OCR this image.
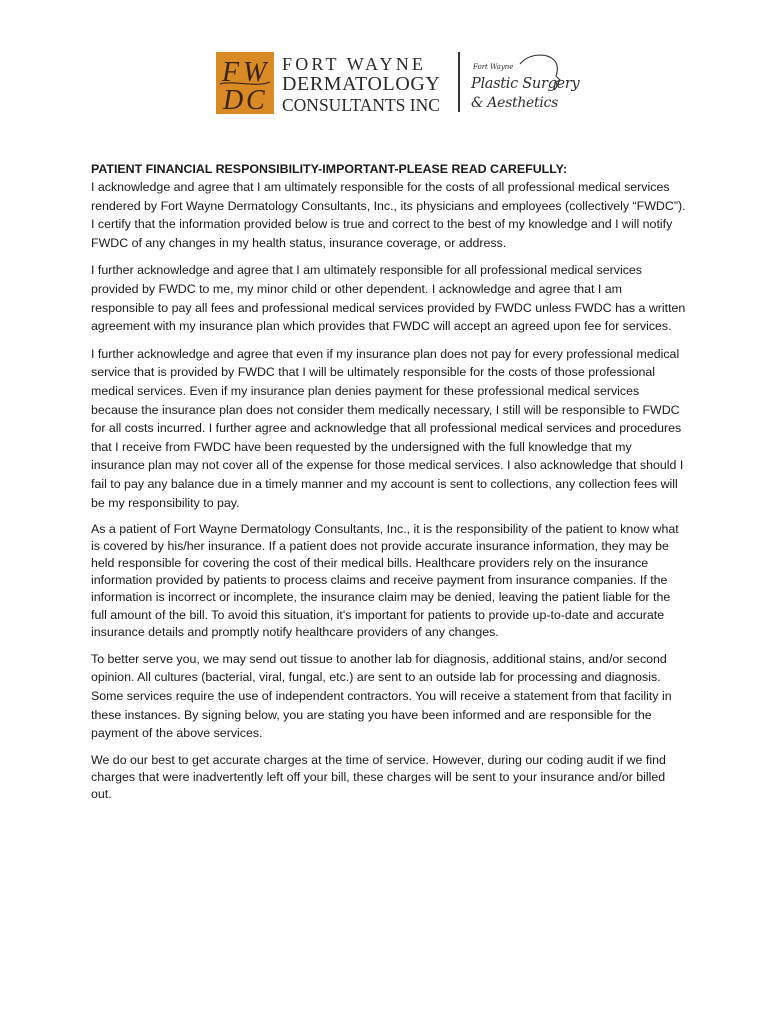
F W
D C
FORT WAYNE
DERMATOLOGY
CONSULTANTS INC
Fort Wayne
Plastic Surgery
& Aesthetics
PATIENT FINANCIAL RESPONSIBILITY-IMPORTANT-PLEASE READ CAREFULLY:

I acknowledge and agree that I am ultimately responsible for the costs of all professional medical services rendered by Fort Wayne Dermatology Consultants, Inc., its physicians and employees (collectively “FWDC”). I certify that the information provided below is true and correct to the best of my knowledge and I will notify FWDC of any changes in my health status, insurance coverage, or address.

I further acknowledge and agree that I am ultimately responsible for all professional medical services provided by FWDC to me, my minor child or other dependent. I acknowledge and agree that I am responsible to pay all fees and professional medical services provided by FWDC unless FWDC has a written agreement with my insurance plan which provides that FWDC will accept an agreed upon fee for services.

I further acknowledge and agree that even if my insurance plan does not pay for every professional medical service that is provided by FWDC that I will be ultimately responsible for the costs of those professional medical services. Even if my insurance plan denies payment for these professional medical services because the insurance plan does not consider them medically necessary, I still will be responsible to FWDC for all costs incurred. I further agree and acknowledge that all professional medical services and procedures that I receive from FWDC have been requested by the undersigned with the full knowledge that my insurance plan may not cover all of the expense for those medical services. I also acknowledge that should I fail to pay any balance due in a timely manner and my account is sent to collections, any collection fees will be my responsibility to pay.

As a patient of Fort Wayne Dermatology Consultants, Inc., it is the responsibility of the patient to know what is covered by his/her insurance. If a patient does not provide accurate insurance information, they may be held responsible for covering the cost of their medical bills. Healthcare providers rely on the insurance information provided by patients to process claims and receive payment from insurance companies. If the information is incorrect or incomplete, the insurance claim may be denied, leaving the patient liable for the full amount of the bill. To avoid this situation, it's important for patients to provide up-to-date and accurate insurance details and promptly notify healthcare providers of any changes.

To better serve you, we may send out tissue to another lab for diagnosis, additional stains, and/or second opinion. All cultures (bacterial, viral, fungal, etc.) are sent to an outside lab for processing and diagnosis. Some services require the use of independent contractors. You will receive a statement from that facility in these instances. By signing below, you are stating you have been informed and are responsible for the payment of the above services.

We do our best to get accurate charges at the time of service. However, during our coding audit if we find charges that were inadvertently left off your bill, these charges will be sent to your insurance and/or billed out.
